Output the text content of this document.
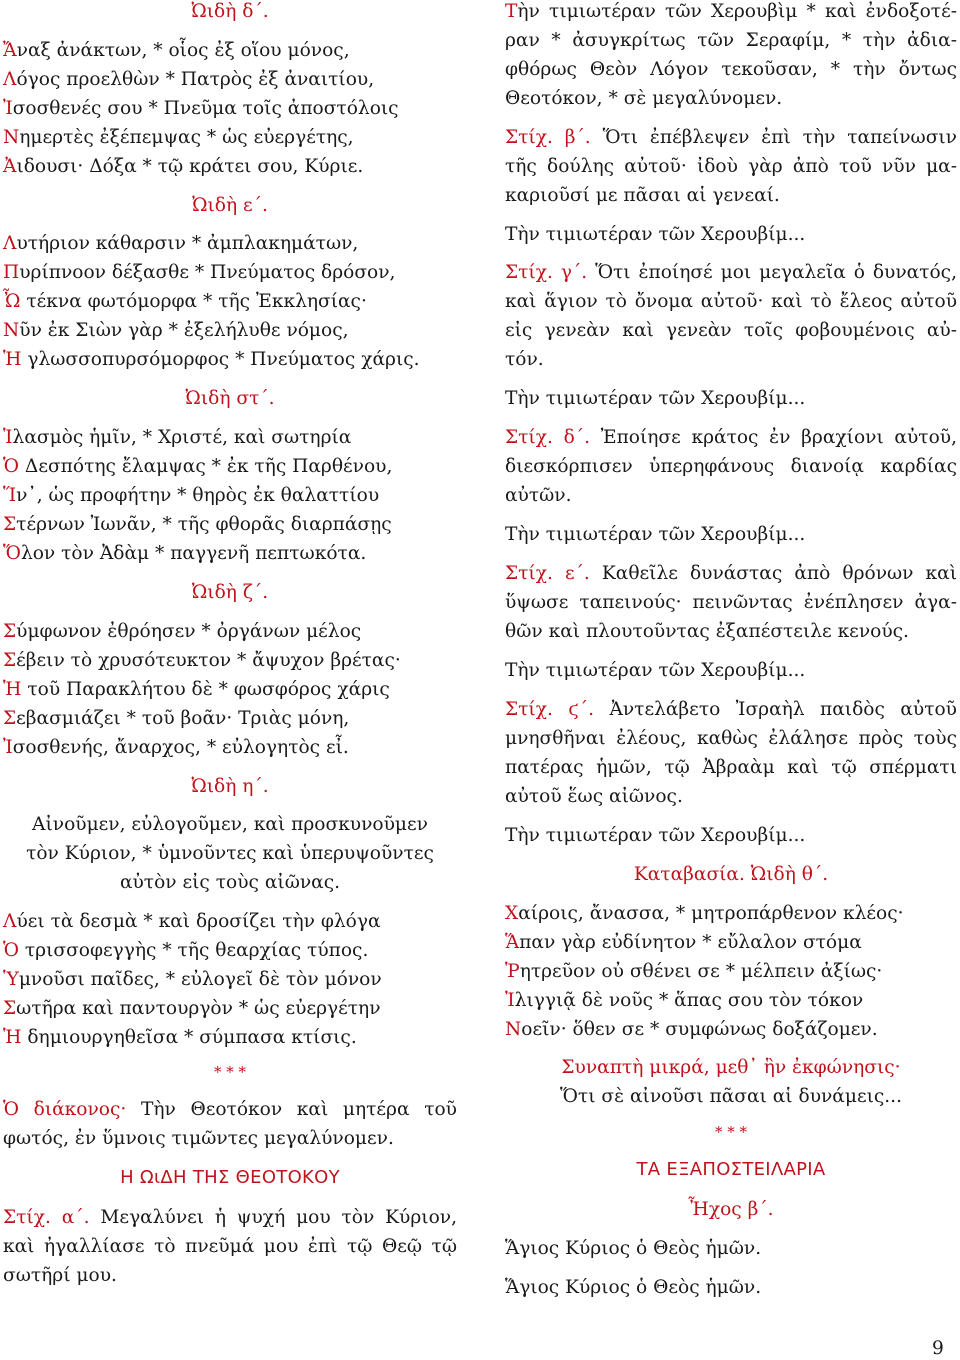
Ὠιδὴ δ΄.
Ἄναξ ἀνάκτων, * οἷος ἐξ οἵου μόνος,
Λόγος προελθὼν * Πατρὸς ἐξ ἀναιτίου,
Ἰσοσθενές σου * Πνεῦμα τοῖς ἀποστόλοις
Νημερτὲς ἐξέπεμψας * ὡς εὐεργέτης,
Ἀιδουσι· Δόξα * τῷ κράτει σου, Κύριε.
Ὠιδὴ ε΄.
Λυτήριον κάθαρσιν * ἀμπλακημάτων,
Πυρίπνοον δέξασθε * Πνεύματος δρόσον,
Ὦ τέκνα φωτόμορφα * τῆς Ἐκκλησίας·
Νῦν ἐκ Σιὼν γὰρ * ἐξελήλυθε νόμος,
Ἡ γλωσσοπυρσόμορφος * Πνεύματος χάρις.
Ὠιδὴ στ΄.
Ἱλασμὸς ἡμῖν, * Χριστέ, καὶ σωτηρία
Ὁ Δεσπότης ἔλαμψας * ἐκ τῆς Παρθένου,
Ἵν᾽, ὡς προφήτην * θηρὸς ἐκ θαλαττίου
Στέρνων Ἰωνᾶν, * τῆς φθορᾶς διαρπάσῃς
Ὅλον τὸν Ἀδὰμ * παγγενῆ πεπτωκότα.
Ὠιδὴ ζ΄.
Σύμφωνον ἐθρόησεν * ὀργάνων μέλος
Σέβειν τὸ χρυσότευκτον * ἄψυχον βρέτας·
Ἡ τοῦ Παρακλήτου δὲ * φωσφόρος χάρις
Σεβασμιάζει * τοῦ βοᾶν· Τριὰς μόνη,
Ἰσοσθενής, ἄναρχος, * εὐλογητὸς εἶ.
Ὠιδὴ η΄.
Αἰνοῦμεν, εὐλογοῦμεν, καὶ προσκυνοῦμεν
τὸν Κύριον, * ὑμνοῦντες καὶ ὑπερυψοῦντες
αὐτὸν εἰς τοὺς αἰῶνας.
Λύει τὰ δεσμὰ * καὶ δροσίζει τὴν φλόγα
Ὁ τρισσοφεγγὴς * τῆς θεαρχίας τύπος.
Ὑμνοῦσι παῖδες, * εὐλογεῖ δὲ τὸν μόνον
Σωτῆρα καὶ παντουργὸν * ὡς εὐεργέτην
Ἡ δημιουργηθεῖσα * σύμπασα κτίσις.
* * *
Ὁ διάκονος· Τὴν Θεοτόκον καὶ μητέρα τοῦ
φωτός, ἐν ὕμνοις τιμῶντες μεγαλύνομεν.
Η ΩιΔΗ ΤΗΣ ΘΕΟΤΟΚΟΥ
Στίχ. α΄. Μεγαλύνει ἡ ψυχή μου τὸν Κύριον,
καὶ ἠγαλλίασε τὸ πνεῦμά μου ἐπὶ τῷ Θεῷ τῷ
σωτῆρί μου.
Τὴν τιμιωτέραν τῶν Χερουβὶμ * καὶ ἐνδοξοτέ-
ραν * ἀσυγκρίτως τῶν Σεραφίμ, * τὴν ἀδια-
φθόρως Θεὸν Λόγον τεκοῦσαν, * τὴν ὄντως
Θεοτόκον, * σὲ μεγαλύνομεν.
Στίχ. β΄. Ὅτι ἐπέβλεψεν ἐπὶ τὴν ταπείνωσιν
τῆς δούλης αὐτοῦ· ἰδοὺ γὰρ ἀπὸ τοῦ νῦν μα-
καριοῦσί με πᾶσαι αἱ γενεαί.
Τὴν τιμιωτέραν τῶν Χερουβίμ...
Στίχ. γ΄. Ὅτι ἐποίησέ μοι μεγαλεῖα ὁ δυνατός,
καὶ ἅγιον τὸ ὄνομα αὐτοῦ· καὶ τὸ ἔλεος αὐτοῦ
εἰς γενεὰν καὶ γενεὰν τοῖς φοβουμένοις αὐ-
τόν.
Τὴν τιμιωτέραν τῶν Χερουβίμ...
Στίχ. δ΄. Ἐποίησε κράτος ἐν βραχίονι αὐτοῦ,
διεσκόρπισεν ὑπερηφάνους διανοίᾳ καρδίας
αὐτῶν.
Τὴν τιμιωτέραν τῶν Χερουβίμ...
Στίχ. ε΄. Καθεῖλε δυνάστας ἀπὸ θρόνων καὶ
ὕψωσε ταπεινούς· πεινῶντας ἐνέπλησεν ἀγα-
θῶν καὶ πλουτοῦντας ἐξαπέστειλε κενούς.
Τὴν τιμιωτέραν τῶν Χερουβίμ...
Στίχ. ϛ΄. Ἀντελάβετο Ἰσραὴλ παιδὸς αὐτοῦ
μνησθῆναι ἐλέους, καθὼς ἐλάλησε πρὸς τοὺς
πατέρας ἡμῶν, τῷ Ἀβραὰμ καὶ τῷ σπέρματι
αὐτοῦ ἕως αἰῶνος.
Τὴν τιμιωτέραν τῶν Χερουβίμ...
Καταβασία. Ὠιδὴ θ΄.
Χαίροις, ἄνασσα, * μητροπάρθενον κλέος·
Ἅπαν γὰρ εὐδίνητον * εὔλαλον στόμα
Ῥητρεῦον οὐ σθένει σε * μέλπειν ἀξίως·
Ἰλιγγιᾷ δὲ νοῦς * ἅπας σου τὸν τόκον
Νοεῖν· ὅθεν σε * συμφώνως δοξάζομεν.
Συναπτὴ μικρά, μεθ᾽ ἣν ἐκφώνησις·
Ὅτι σὲ αἰνοῦσι πᾶσαι αἱ δυνάμεις...
* * *
ΤΑ ΕΞΑΠΟΣΤΕΙΛΑΡΙΑ
Ἦχος β΄.
Ἅγιος Κύριος ὁ Θεὸς ἡμῶν.
Ἅγιος Κύριος ὁ Θεὸς ἡμῶν.
9
